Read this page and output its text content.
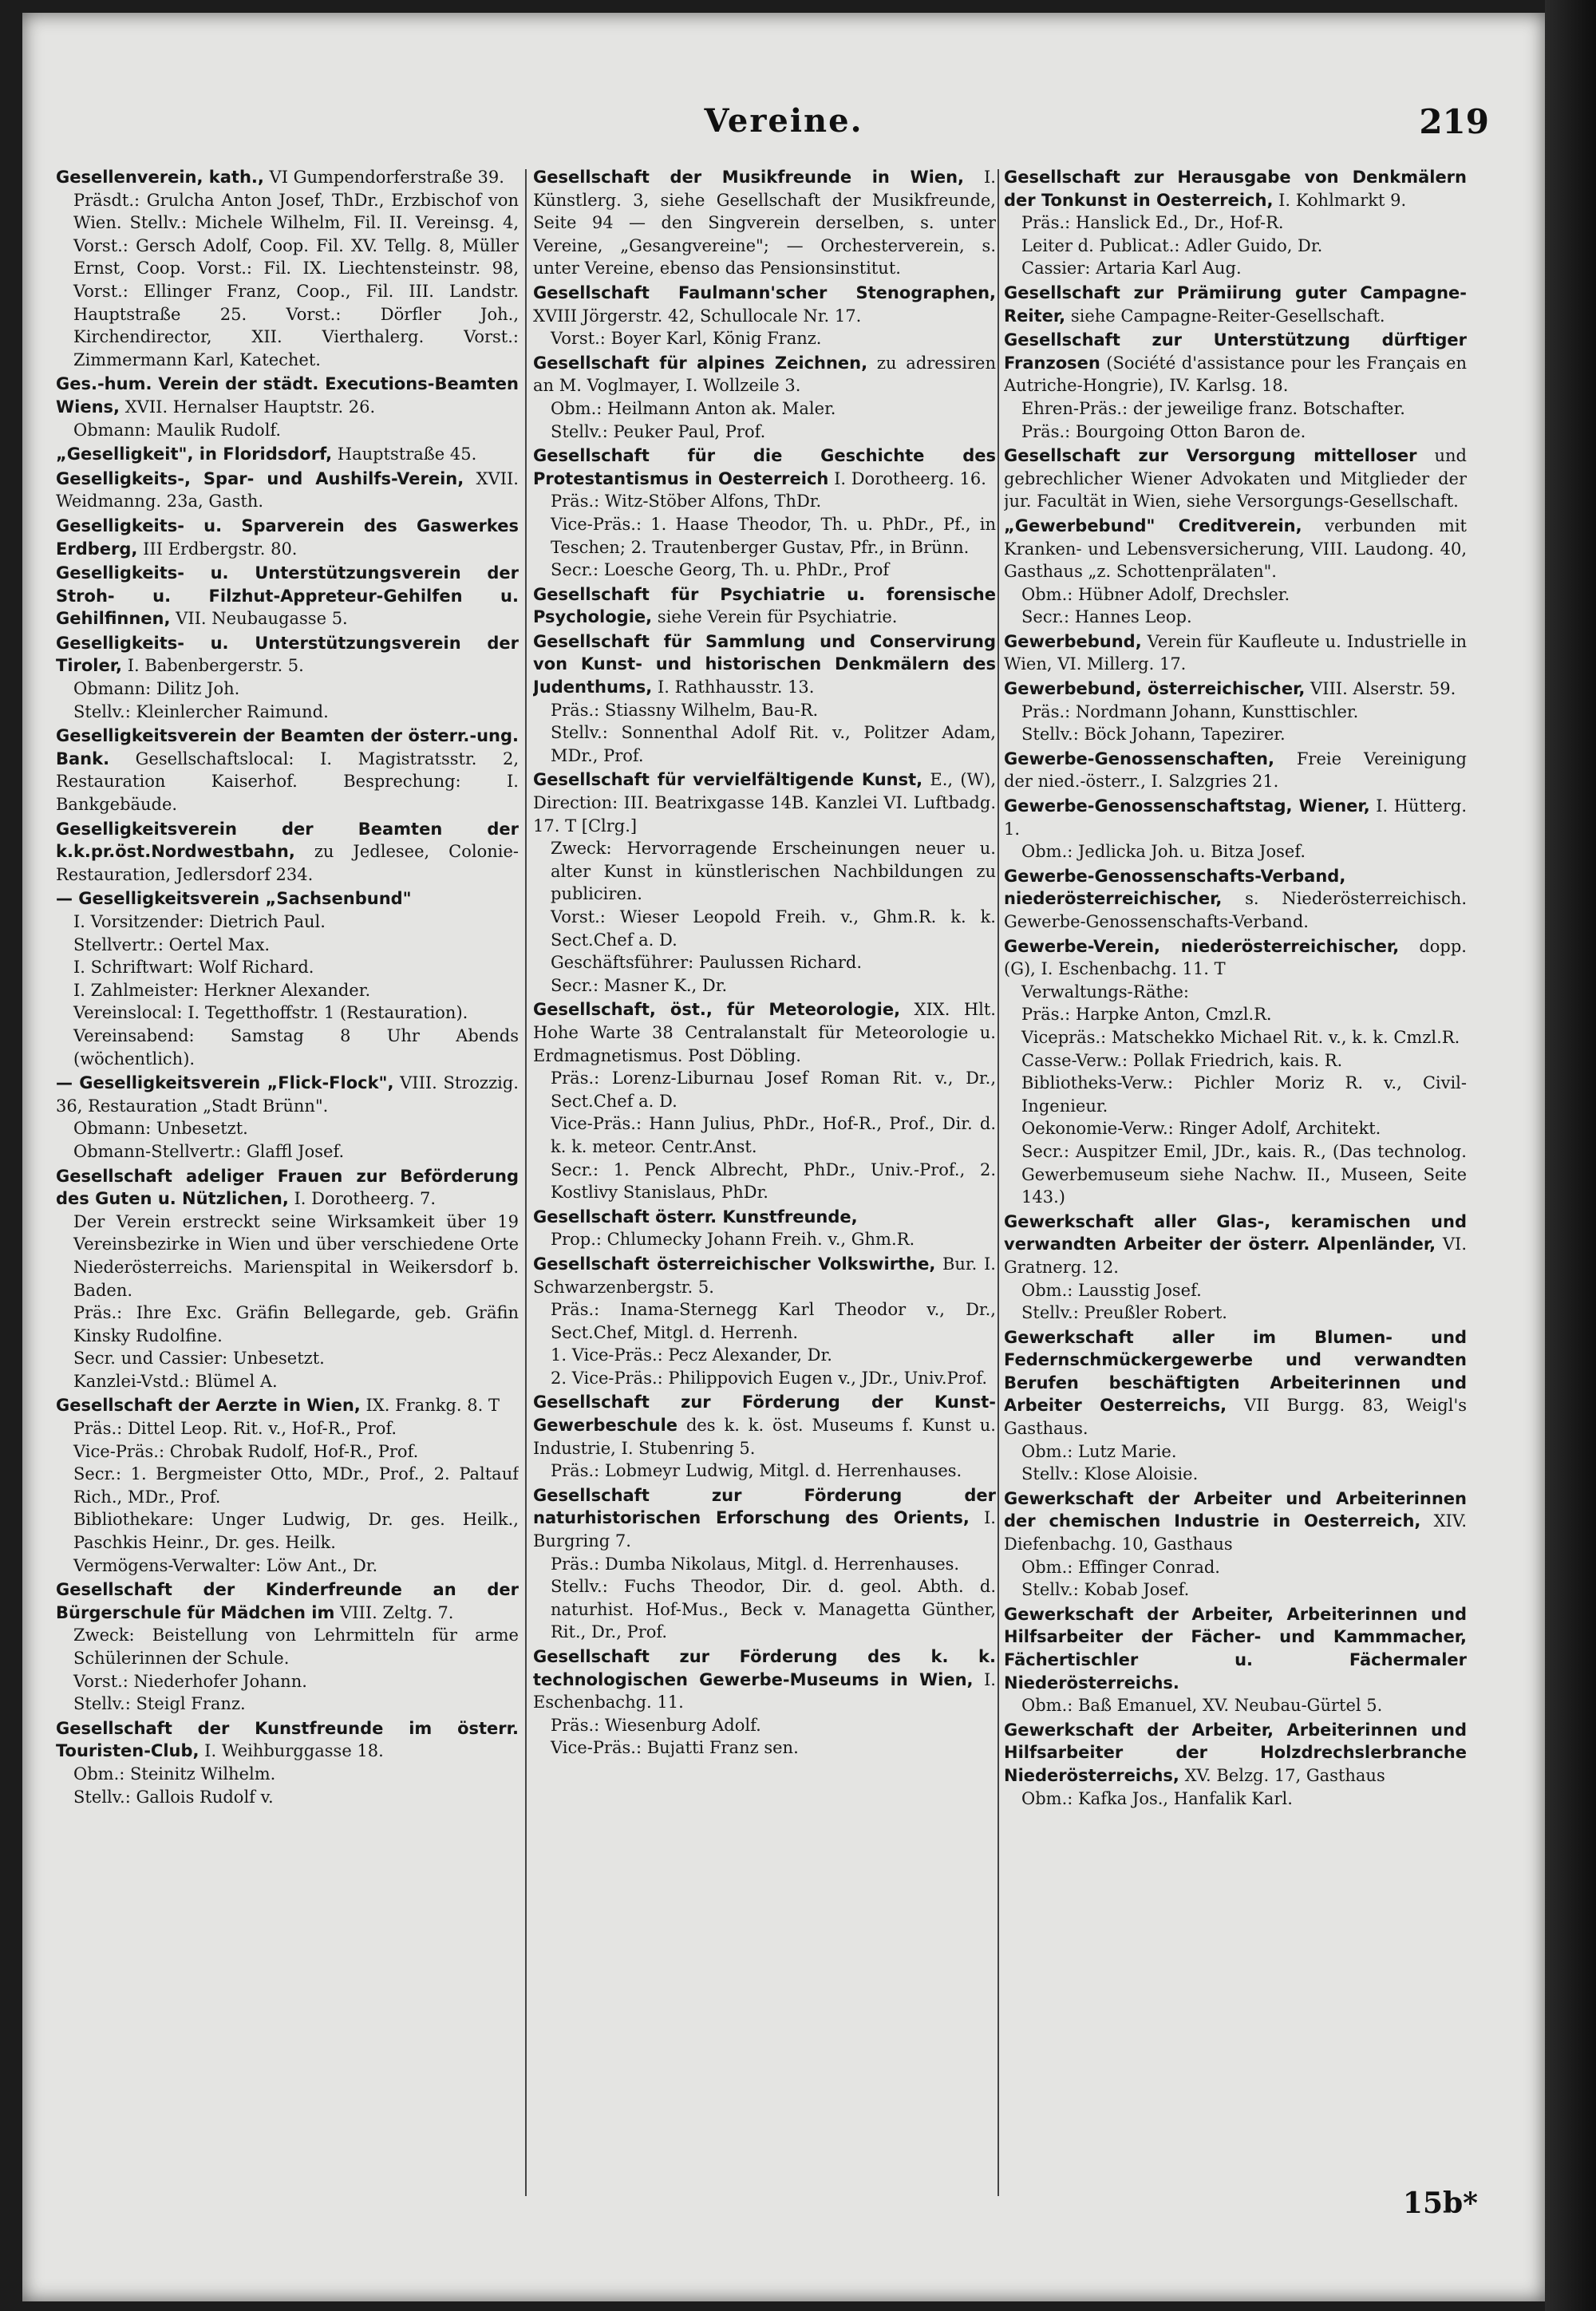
Vereine.	219
Gesellenverein, kath., VI Gumpendorferstraße 39.
Präsdt.: Grulcha Anton Josef, ThDr., Erzbischof von Wien. Stellv.: Michele Wilhelm, Fil. II. Vereinsg. 4, Vorst.: Gersch Adolf, Coop. Fil. XV. Tellg. 8, Müller Ernst, Coop. Vorst.: Fil. IX. Liechtensteinstr. 98, Vorst.: Ellinger Franz, Coop., Fil. III. Landstr. Hauptstraße 25. Vorst.: Dörfler Joh., Kirchendirector, XII. Vierthalerg. Vorst.: Zimmermann Karl, Katechet.
Ges.-hum. Verein der städt. Executions-Beamten Wiens, XVII. Hernalser Hauptstr. 26.
Obmann: Maulik Rudolf.
„Geselligkeit", in Floridsdorf, Hauptstraße 45.
Geselligkeits-, Spar- und Aushilfs-Verein, XVII. Weidmanng. 23a, Gasth.
Geselligkeits- u. Sparverein des Gaswerkes Erdberg, III Erdbergstr. 80.
Geselligkeits- u. Unterstützungsverein der Stroh- u. Filzhut-Appreteur-Gehilfen u. Gehilfinnen, VII. Neubaugasse 5.
Geselligkeits- u. Unterstützungsverein der Tiroler, I. Babenbergerstr. 5.
Obmann: Dilitz Joh.
Stellv.: Kleinlercher Raimund.
Geselligkeitsverein der Beamten der österr.-ung. Bank. Gesellschaftslocal: I. Magistratsstr. 2, Restauration Kaiserhof. Besprechung: I. Bankgebäude.
Geselligkeitsverein der Beamten der k.k.pr.öst.Nordwestbahn, zu Jedlesee, Colonie-Restauration, Jedlersdorf 234.
— Geselligkeitsverein „Sachsenbund"
I. Vorsitzender: Dietrich Paul.
Stellvertr.: Oertel Max.
I. Schriftwart: Wolf Richard.
I. Zahlmeister: Herkner Alexander.
Vereinslocal: I. Tegetthoffstr. 1 (Restauration).
Vereinsabend: Samstag 8 Uhr Abends (wöchentlich).
— Geselligkeitsverein „Flick-Flock", VIII. Strozzig. 36, Restauration „Stadt Brünn".
Obmann: Unbesetzt.
Obmann-Stellvertr.: Glaffl Josef.
Gesellschaft adeliger Frauen zur Beförderung des Guten u. Nützlichen, I. Dorotheerg. 7.
Der Verein erstreckt seine Wirksamkeit über 19 Vereinsbezirke in Wien und über verschiedene Orte Niederösterreichs. Marienspital in Weikersdorf b. Baden.
Präs.: Ihre Exc. Gräfin Bellegarde, geb. Gräfin Kinsky Rudolfine.
Secr. und Cassier: Unbesetzt.
Kanzlei-Vstd.: Blümel A.
Gesellschaft der Aerzte in Wien, IX. Frankg. 8. T
Präs.: Dittel Leop. Rit. v., Hof-R., Prof.
Vice-Präs.: Chrobak Rudolf, Hof-R., Prof.
Secr.: 1. Bergmeister Otto, MDr., Prof., 2. Paltauf Rich., MDr., Prof.
Bibliothekare: Unger Ludwig, Dr. ges. Heilk., Paschkis Heinr., Dr. ges. Heilk.
Vermögens-Verwalter: Löw Ant., Dr.
Gesellschaft der Kinderfreunde an der Bürgerschule für Mädchen im VIII. Zeltg. 7.
Zweck: Beistellung von Lehrmitteln für arme Schülerinnen der Schule.
Vorst.: Niederhofer Johann.
Stellv.: Steigl Franz.
Gesellschaft der Kunstfreunde im österr. Touristen-Club, I. Weihburggasse 18.
Obm.: Steinitz Wilhelm.
Stellv.: Gallois Rudolf v.
Gesellschaft der Musikfreunde in Wien, I. Künstlerg. 3, siehe Gesellschaft der Musikfreunde, Seite 94 — den Singverein derselben, s. unter Vereine, „Gesangvereine"; — Orchesterverein, s. unter Vereine, ebenso das Pensionsinstitut.
Gesellschaft Faulmann'scher Stenographen, XVIII Jörgerstr. 42, Schullocale Nr. 17.
Vorst.: Boyer Karl, König Franz.
Gesellschaft für alpines Zeichnen, zu adressiren an M. Voglmayer, I. Wollzeile 3.
Obm.: Heilmann Anton ak. Maler.
Stellv.: Peuker Paul, Prof.
Gesellschaft für die Geschichte des Protestantismus in Oesterreich I. Dorotheerg. 16.
Präs.: Witz-Stöber Alfons, ThDr.
Vice-Präs.: 1. Haase Theodor, Th. u. PhDr., Pf., in Teschen; 2. Trautenberger Gustav, Pfr., in Brünn.
Secr.: Loesche Georg, Th. u. PhDr., Prof
Gesellschaft für Psychiatrie u. forensische Psychologie, siehe Verein für Psychiatrie.
Gesellschaft für Sammlung und Conservirung von Kunst- und historischen Denkmälern des Judenthums, I. Rathhausstr. 13.
Präs.: Stiassny Wilhelm, Bau-R.
Stellv.: Sonnenthal Adolf Rit. v., Politzer Adam, MDr., Prof.
Gesellschaft für vervielfältigende Kunst, E., (W), Direction: III. Beatrixgasse 14B. Kanzlei VI. Luftbadg. 17. T [Clrg.]
Zweck: Hervorragende Erscheinungen neuer u. alter Kunst in künstlerischen Nachbildungen zu publiciren.
Vorst.: Wieser Leopold Freih. v., Ghm.R. k. k. Sect.Chef a. D.
Geschäftsführer: Paulussen Richard.
Secr.: Masner K., Dr.
Gesellschaft, öst., für Meteorologie, XIX. Hlt. Hohe Warte 38 Centralanstalt für Meteorologie u. Erdmagnetismus. Post Döbling.
Präs.: Lorenz-Liburnau Josef Roman Rit. v., Dr., Sect.Chef a. D.
Vice-Präs.: Hann Julius, PhDr., Hof-R., Prof., Dir. d. k. k. meteor. Centr.Anst.
Secr.: 1. Penck Albrecht, PhDr., Univ.-Prof., 2. Kostlivy Stanislaus, PhDr.
Gesellschaft österr. Kunstfreunde,
Prop.: Chlumecky Johann Freih. v., Ghm.R.
Gesellschaft österreichischer Volkswirthe, Bur. I. Schwarzenbergstr. 5.
Präs.: Inama-Sternegg Karl Theodor v., Dr., Sect.Chef, Mitgl. d. Herrenh.
1. Vice-Präs.: Pecz Alexander, Dr.
2. Vice-Präs.: Philippovich Eugen v., JDr., Univ.Prof.
Gesellschaft zur Förderung der Kunst-Gewerbeschule des k. k. öst. Museums f. Kunst u. Industrie, I. Stubenring 5.
Präs.: Lobmeyr Ludwig, Mitgl. d. Herrenhauses.
Gesellschaft zur Förderung der naturhistorischen Erforschung des Orients, I. Burgring 7.
Präs.: Dumba Nikolaus, Mitgl. d. Herrenhauses.
Stellv.: Fuchs Theodor, Dir. d. geol. Abth. d. naturhist. Hof-Mus., Beck v. Managetta Günther, Rit., Dr., Prof.
Gesellschaft zur Förderung des k. k. technologischen Gewerbe-Museums in Wien, I. Eschenbachg. 11.
Präs.: Wiesenburg Adolf.
Vice-Präs.: Bujatti Franz sen.
Gesellschaft zur Herausgabe von Denkmälern der Tonkunst in Oesterreich, I. Kohlmarkt 9.
Präs.: Hanslick Ed., Dr., Hof-R.
Leiter d. Publicat.: Adler Guido, Dr.
Cassier: Artaria Karl Aug.
Gesellschaft zur Prämiirung guter Campagne-Reiter, siehe Campagne-Reiter-Gesellschaft.
Gesellschaft zur Unterstützung dürftiger Franzosen (Société d'assistance pour les Français en Autriche-Hongrie), IV. Karlsg. 18.
Ehren-Präs.: der jeweilige franz. Botschafter.
Präs.: Bourgoing Otton Baron de.
Gesellschaft zur Versorgung mittelloser und gebrechlicher Wiener Advokaten und Mitglieder der jur. Facultät in Wien, siehe Versorgungs-Gesellschaft.
„Gewerbebund" Creditverein, verbunden mit Kranken- und Lebensversicherung, VIII. Laudong. 40, Gasthaus „z. Schottenprälaten".
Obm.: Hübner Adolf, Drechsler.
Secr.: Hannes Leop.
Gewerbebund, Verein für Kaufleute u. Industrielle in Wien, VI. Millerg. 17.
Gewerbebund, österreichischer, VIII. Alserstr. 59.
Präs.: Nordmann Johann, Kunsttischler.
Stellv.: Böck Johann, Tapezirer.
Gewerbe-Genossenschaften, Freie Vereinigung der nied.-österr., I. Salzgries 21.
Gewerbe-Genossenschaftstag, Wiener, I. Hütterg. 1.
Obm.: Jedlicka Joh. u. Bitza Josef.
Gewerbe-Genossenschafts-Verband, niederösterreichischer, s. Niederösterreichisch. Gewerbe-Genossenschafts-Verband.
Gewerbe-Verein, niederösterreichischer, dopp. (G), I. Eschenbachg. 11. T
Verwaltungs-Räthe:
Präs.: Harpke Anton, Cmzl.R.
Vicepräs.: Matschekko Michael Rit. v., k. k. Cmzl.R.
Casse-Verw.: Pollak Friedrich, kais. R.
Bibliotheks-Verw.: Pichler Moriz R. v., Civil-Ingenieur.
Oekonomie-Verw.: Ringer Adolf, Architekt.
Secr.: Auspitzer Emil, JDr., kais. R., (Das technolog. Gewerbemuseum siehe Nachw. II., Museen, Seite 143.)
Gewerkschaft aller Glas-, keramischen und verwandten Arbeiter der österr. Alpenländer, VI. Gratnerg. 12.
Obm.: Lausstig Josef.
Stellv.: Preußler Robert.
Gewerkschaft aller im Blumen- und Federnschmückergewerbe und verwandten Berufen beschäftigten Arbeiterinnen und Arbeiter Oesterreichs, VII Burgg. 83, Weigl's Gasthaus.
Obm.: Lutz Marie.
Stellv.: Klose Aloisie.
Gewerkschaft der Arbeiter und Arbeiterinnen der chemischen Industrie in Oesterreich, XIV. Diefenbachg. 10, Gasthaus
Obm.: Effinger Conrad.
Stellv.: Kobab Josef.
Gewerkschaft der Arbeiter, Arbeiterinnen und Hilfsarbeiter der Fächer- und Kammmacher, Fächertischler u. Fächermaler Niederösterreichs.
Obm.: Baß Emanuel, XV. Neubau-Gürtel 5.
Gewerkschaft der Arbeiter, Arbeiterinnen und Hilfsarbeiter der Holzdrechslerbranche Niederösterreichs, XV. Belzg. 17, Gasthaus
Obm.: Kafka Jos., Hanfalik Karl.
15b*
